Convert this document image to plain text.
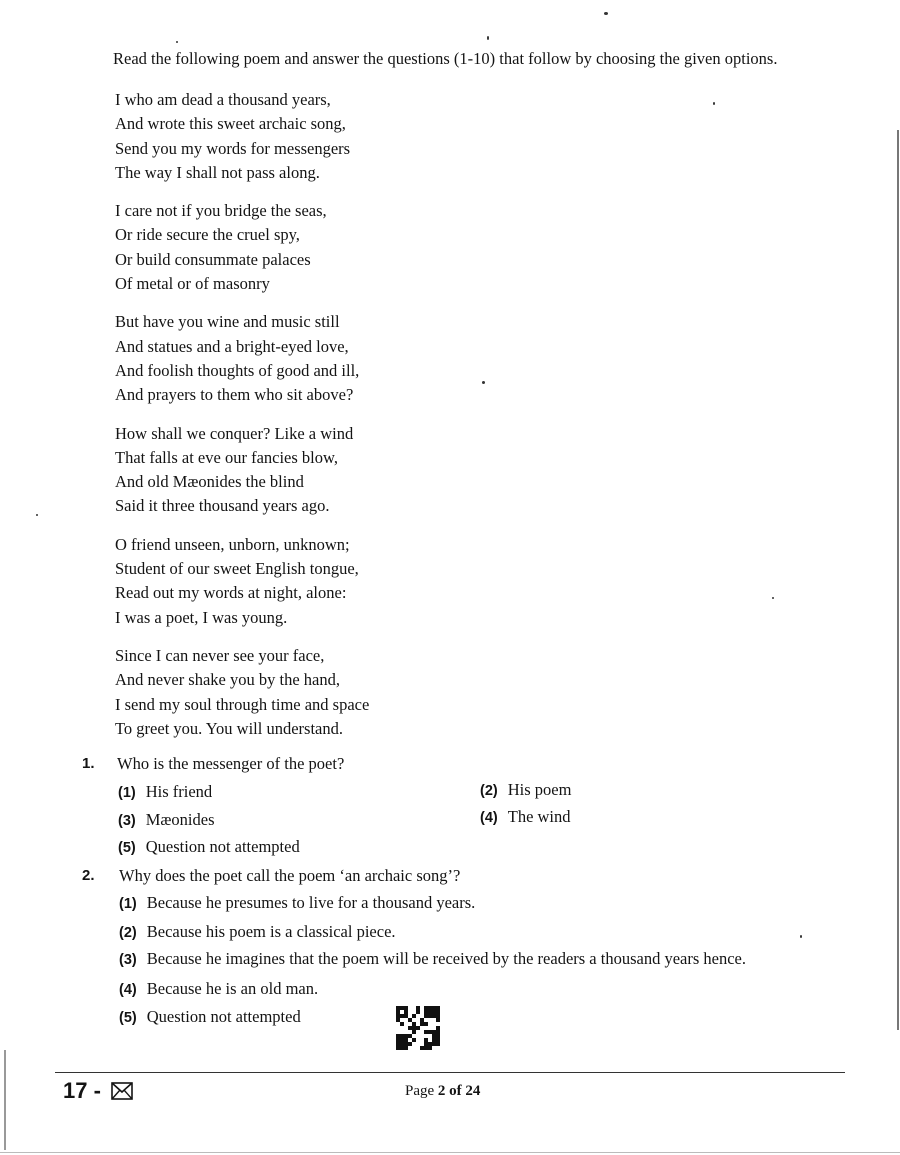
Read the following poem and answer the questions (1-10) that follow by choosing the given options.
I who am dead a thousand years,
And wrote this sweet archaic song,
Send you my words for messengers
The way I shall not pass along.
I care not if you bridge the seas,
Or ride secure the cruel spy,
Or build consummate palaces
Of metal or of masonry
But have you wine and music still
And statues and a bright-eyed love,
And foolish thoughts of good and ill,
And prayers to them who sit above?
How shall we conquer? Like a wind
That falls at eve our fancies blow,
And old Mæonides the blind
Said it three thousand years ago.
O friend unseen, unborn, unknown;
Student of our sweet English tongue,
Read out my words at night, alone:
I was a poet, I was young.
Since I can never see your face,
And never shake you by the hand,
I send my soul through time and space
To greet you. You will understand.
1. Who is the messenger of the poet?
(1) His friend	(2) His poem
(3) Mæonides	(4) The wind
(5) Question not attempted
2. Why does the poet call the poem ‘an archaic song’?
(1) Because he presumes to live for a thousand years.
(2) Because his poem is a classical piece.
(3) Because he imagines that the poem will be received by the readers a thousand years hence.
(4) Because he is an old man.
(5) Question not attempted
17 -	Page 2 of 24
